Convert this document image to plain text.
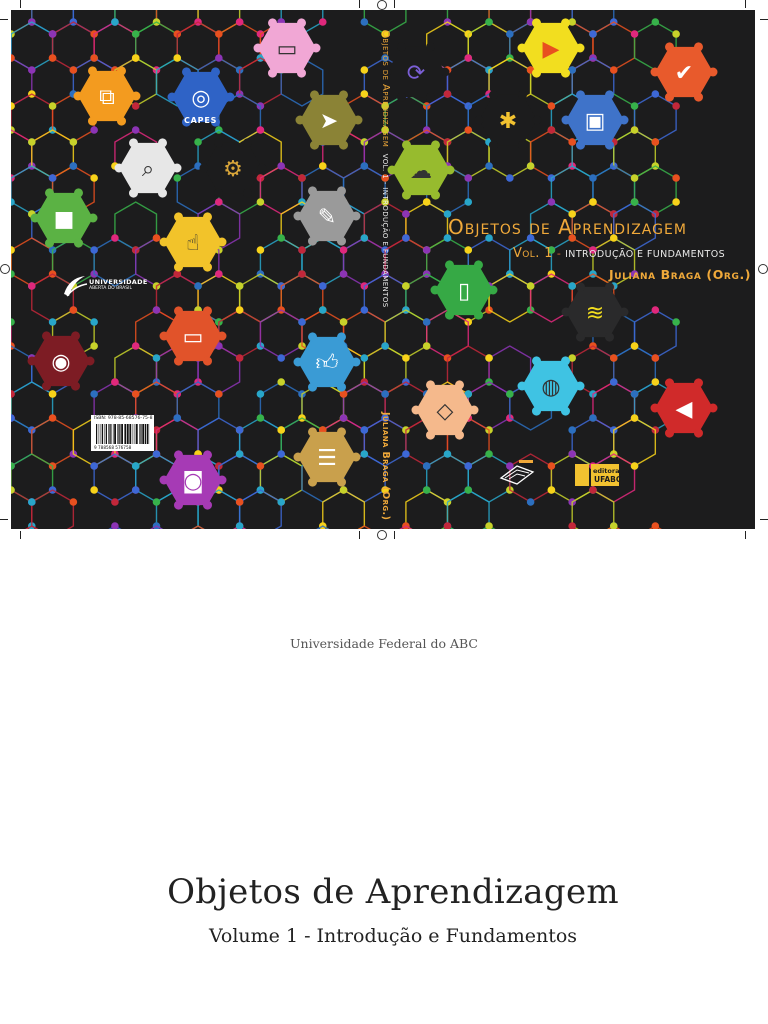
⧉	◎
▭
➤
⌕	⚙
✎
■
☝
▭
◉	👍︎
☰
◙
⟳
☁
▯
◇
▶
✔
▣
✱
≋
◍
◀
Objetos de Aprendizagem
Vol. 1 - INTRODUÇÃO E FUNDAMENTOS
Juliana Braga (Org.)
Objetos de Aprendizagem  VOL. 1 - INTRODUÇÃO E FUNDAMENTOS
Juliana Braga (Org.)
CAPES
UNIVERSIDADE
ABERTA DO BRASIL
ISBN: 978-85-68576-75-8
9 788568 576758
editora
UFABC
Universidade Federal do ABC
Objetos de Aprendizagem
Volume 1 - Introdução e Fundamentos
